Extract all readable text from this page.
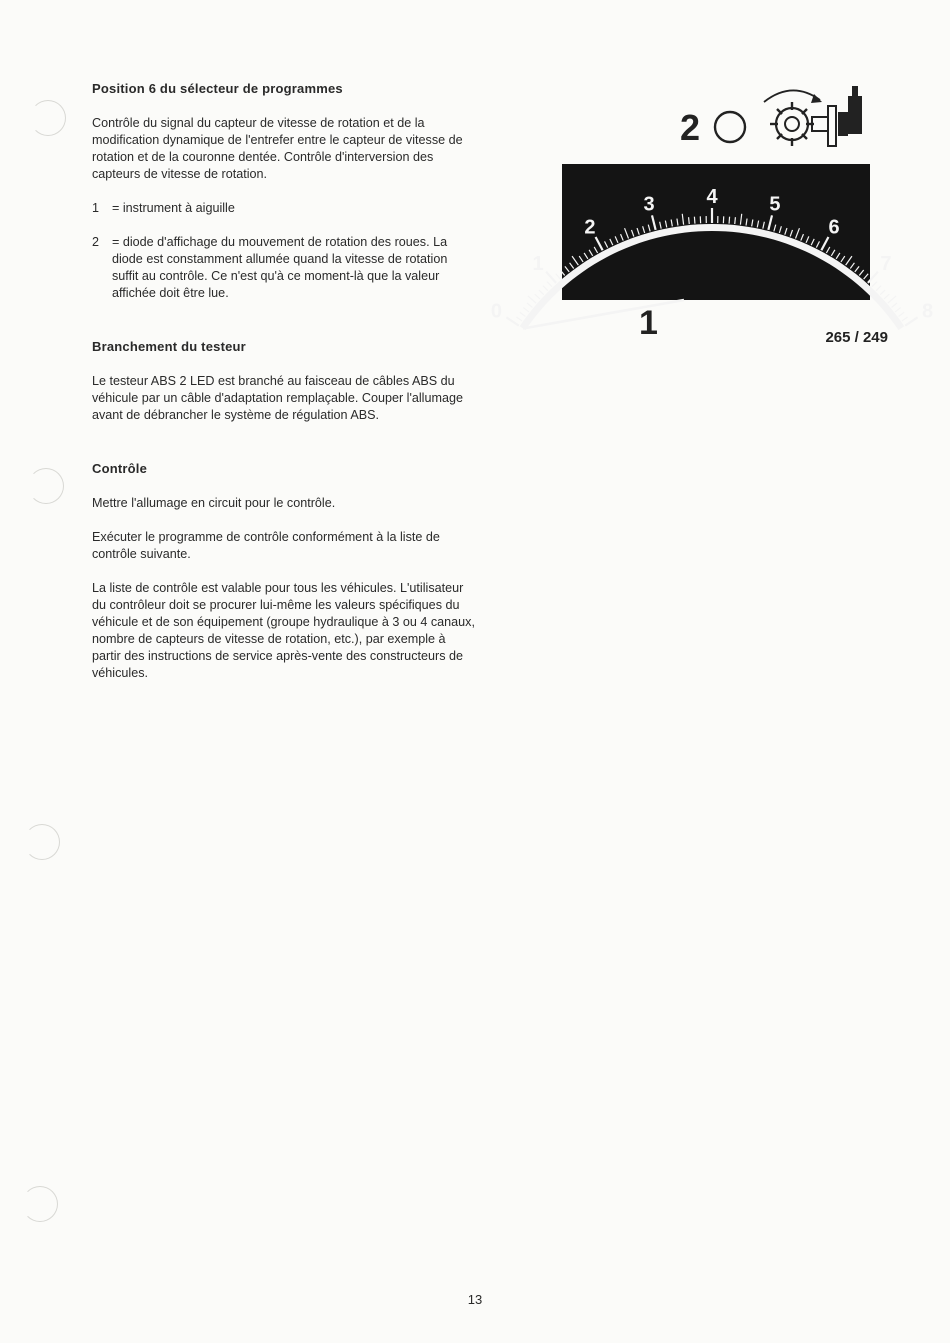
Position 6 du sélecteur de programmes

Contrôle du signal du capteur de vitesse de rotation et de la modification dynamique de l'entrefer entre le capteur de vitesse de rotation et de la couronne dentée. Contrôle d'interversion des capteurs de vitesse de rotation.

1	= instrument à aiguille
2	= diode d'affichage du mouvement de rotation des roues. La diode est constamment allumée quand la vitesse de rotation suffit au contrôle. Ce n'est qu'à ce moment-là que la valeur affichée doit être lue.
Branchement du testeur

Le testeur ABS 2 LED est branché au faisceau de câbles ABS du véhicule par un câble d'adaptation remplaçable. Couper l'allumage avant de débrancher le système de régulation ABS.

Contrôle

Mettre l'allumage en circuit pour le contrôle.

Exécuter le programme de contrôle conformément à la liste de contrôle suivante.

La liste de contrôle est valable pour tous les véhicules. L'utilisateur du contrôleur doit se procurer lui-même les valeurs spécifiques du véhicule et de son équipement (groupe hydraulique à 3 ou 4 canaux, nombre de capteurs de vitesse de rotation, etc.), par exemple à partir des instructions de service après-vente des constructeurs de véhicules.

2
0
1
2
3	4	5
6
7
8
1	265 / 249
13
